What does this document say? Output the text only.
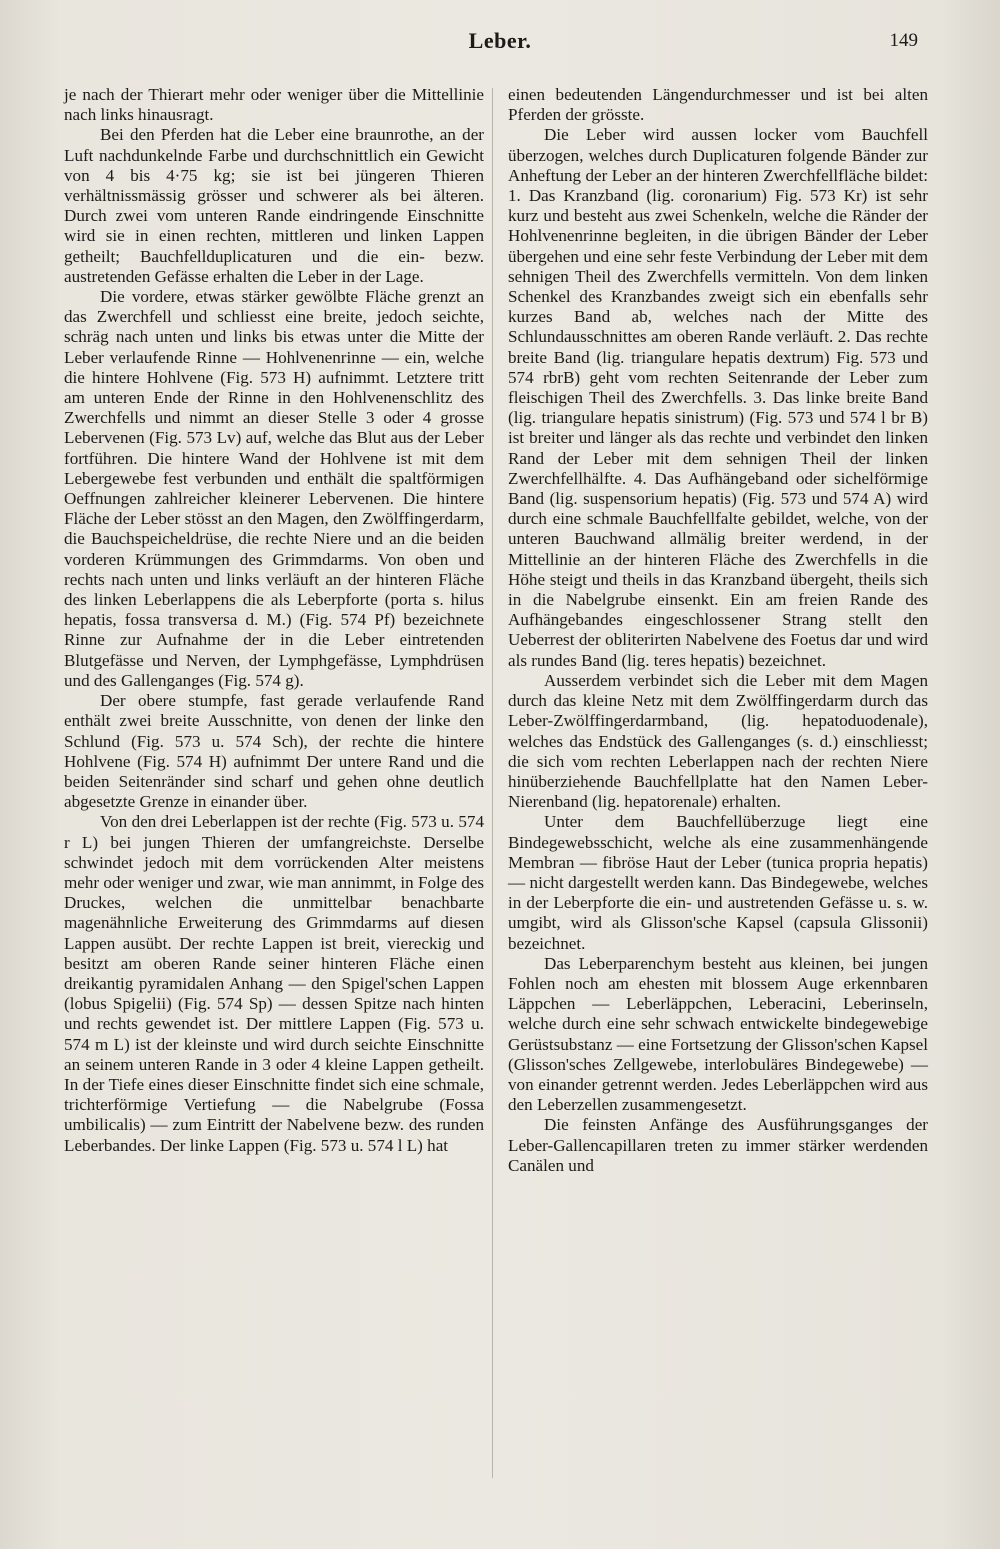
Leber.	149

je nach der Thierart mehr oder weniger über die Mittellinie nach links hinausragt.

Bei den Pferden hat die Leber eine braunrothe, an der Luft nachdunkelnde Farbe und durchschnittlich ein Gewicht von 4 bis 4·75 kg; sie ist bei jüngeren Thieren verhältnissmässig grösser und schwerer als bei älteren. Durch zwei vom unteren Rande eindringende Einschnitte wird sie in einen rechten, mittleren und linken Lappen getheilt; Bauchfellduplicaturen und die ein- bezw. austretenden Gefässe erhalten die Leber in der Lage.

Die vordere, etwas stärker gewölbte Fläche grenzt an das Zwerchfell und schliesst eine breite, jedoch seichte, schräg nach unten und links bis etwas unter die Mitte der Leber verlaufende Rinne — Hohlvenenrinne — ein, welche die hintere Hohlvene (Fig. 573 H) aufnimmt. Letztere tritt am unteren Ende der Rinne in den Hohlvenenschlitz des Zwerchfells und nimmt an dieser Stelle 3 oder 4 grosse Lebervenen (Fig. 573 Lv) auf, welche das Blut aus der Leber fortführen. Die hintere Wand der Hohlvene ist mit dem Lebergewebe fest verbunden und enthält die spaltförmigen Oeffnungen zahlreicher kleinerer Lebervenen. Die hintere Fläche der Leber stösst an den Magen, den Zwölffingerdarm, die Bauchspeicheldrüse, die rechte Niere und an die beiden vorderen Krümmungen des Grimmdarms. Von oben und rechts nach unten und links verläuft an der hinteren Fläche des linken Leberlappens die als Leberpforte (porta s. hilus hepatis, fossa transversa d. M.) (Fig. 574 Pf) bezeichnete Rinne zur Aufnahme der in die Leber eintretenden Blutgefässe und Nerven, der Lymphgefässe, Lymphdrüsen und des Gallenganges (Fig. 574 g).

Der obere stumpfe, fast gerade verlaufende Rand enthält zwei breite Ausschnitte, von denen der linke den Schlund (Fig. 573 u. 574 Sch), der rechte die hintere Hohlvene (Fig. 574 H) aufnimmt Der untere Rand und die beiden Seitenränder sind scharf und gehen ohne deutlich abgesetzte Grenze in einander über.

Von den drei Leberlappen ist der rechte (Fig. 573 u. 574 r L) bei jungen Thieren der umfangreichste. Derselbe schwindet jedoch mit dem vorrückenden Alter meistens mehr oder weniger und zwar, wie man annimmt, in Folge des Druckes, welchen die unmittelbar benachbarte magenähnliche Erweiterung des Grimmdarms auf diesen Lappen ausübt. Der rechte Lappen ist breit, viereckig und besitzt am oberen Rande seiner hinteren Fläche einen dreikantig pyramidalen Anhang — den Spigel'schen Lappen (lobus Spigelii) (Fig. 574 Sp) — dessen Spitze nach hinten und rechts gewendet ist. Der mittlere Lappen (Fig. 573 u. 574 m L) ist der kleinste und wird durch seichte Einschnitte an seinem unteren Rande in 3 oder 4 kleine Lappen getheilt. In der Tiefe eines dieser Einschnitte findet sich eine schmale, trichterförmige Vertiefung — die Nabelgrube (Fossa umbilicalis) — zum Eintritt der Nabelvene bezw. des runden Leberbandes. Der linke Lappen (Fig. 573 u. 574 l L) hat

einen bedeutenden Längendurchmesser und ist bei alten Pferden der grösste.

Die Leber wird aussen locker vom Bauchfell überzogen, welches durch Duplicaturen folgende Bänder zur Anheftung der Leber an der hinteren Zwerchfellfläche bildet: 1. Das Kranzband (lig. coronarium) Fig. 573 Kr) ist sehr kurz und besteht aus zwei Schenkeln, welche die Ränder der Hohlvenenrinne begleiten, in die übrigen Bänder der Leber übergehen und eine sehr feste Verbindung der Leber mit dem sehnigen Theil des Zwerchfells vermitteln. Von dem linken Schenkel des Kranzbandes zweigt sich ein ebenfalls sehr kurzes Band ab, welches nach der Mitte des Schlundausschnittes am oberen Rande verläuft. 2. Das rechte breite Band (lig. triangulare hepatis dextrum) Fig. 573 und 574 rbrB) geht vom rechten Seitenrande der Leber zum fleischigen Theil des Zwerchfells. 3. Das linke breite Band (lig. triangulare hepatis sinistrum) (Fig. 573 und 574 l br B) ist breiter und länger als das rechte und verbindet den linken Rand der Leber mit dem sehnigen Theil der linken Zwerchfellhälfte. 4. Das Aufhängeband oder sichelförmige Band (lig. suspensorium hepatis) (Fig. 573 und 574 A) wird durch eine schmale Bauchfellfalte gebildet, welche, von der unteren Bauchwand allmälig breiter werdend, in der Mittellinie an der hinteren Fläche des Zwerchfells in die Höhe steigt und theils in das Kranzband übergeht, theils sich in die Nabelgrube einsenkt. Ein am freien Rande des Aufhängebandes eingeschlossener Strang stellt den Ueberrest der obliterirten Nabelvene des Foetus dar und wird als rundes Band (lig. teres hepatis) bezeichnet.

Ausserdem verbindet sich die Leber mit dem Magen durch das kleine Netz mit dem Zwölffingerdarm durch das Leber-Zwölffingerdarmband, (lig. hepatoduodenale), welches das Endstück des Gallenganges (s. d.) einschliesst; die sich vom rechten Leberlappen nach der rechten Niere hinüberziehende Bauchfellplatte hat den Namen Leber-Nierenband (lig. hepatorenale) erhalten.

Unter dem Bauchfellüberzuge liegt eine Bindegewebsschicht, welche als eine zusammenhängende Membran — fibröse Haut der Leber (tunica propria hepatis) — nicht dargestellt werden kann. Das Bindegewebe, welches in der Leberpforte die ein- und austretenden Gefässe u. s. w. umgibt, wird als Glisson'sche Kapsel (capsula Glissonii) bezeichnet.

Das Leberparenchym besteht aus kleinen, bei jungen Fohlen noch am ehesten mit blossem Auge erkennbaren Läppchen — Leberläppchen, Leberacini, Leberinseln, welche durch eine sehr schwach entwickelte bindegewebige Gerüstsubstanz — eine Fortsetzung der Glisson'schen Kapsel (Glisson'sches Zellgewebe, interlobuläres Bindegewebe) — von einander getrennt werden. Jedes Leberläppchen wird aus den Leberzellen zusammengesetzt.

Die feinsten Anfänge des Ausführungsganges der Leber-Gallencapillaren treten zu immer stärker werdenden Canälen und
